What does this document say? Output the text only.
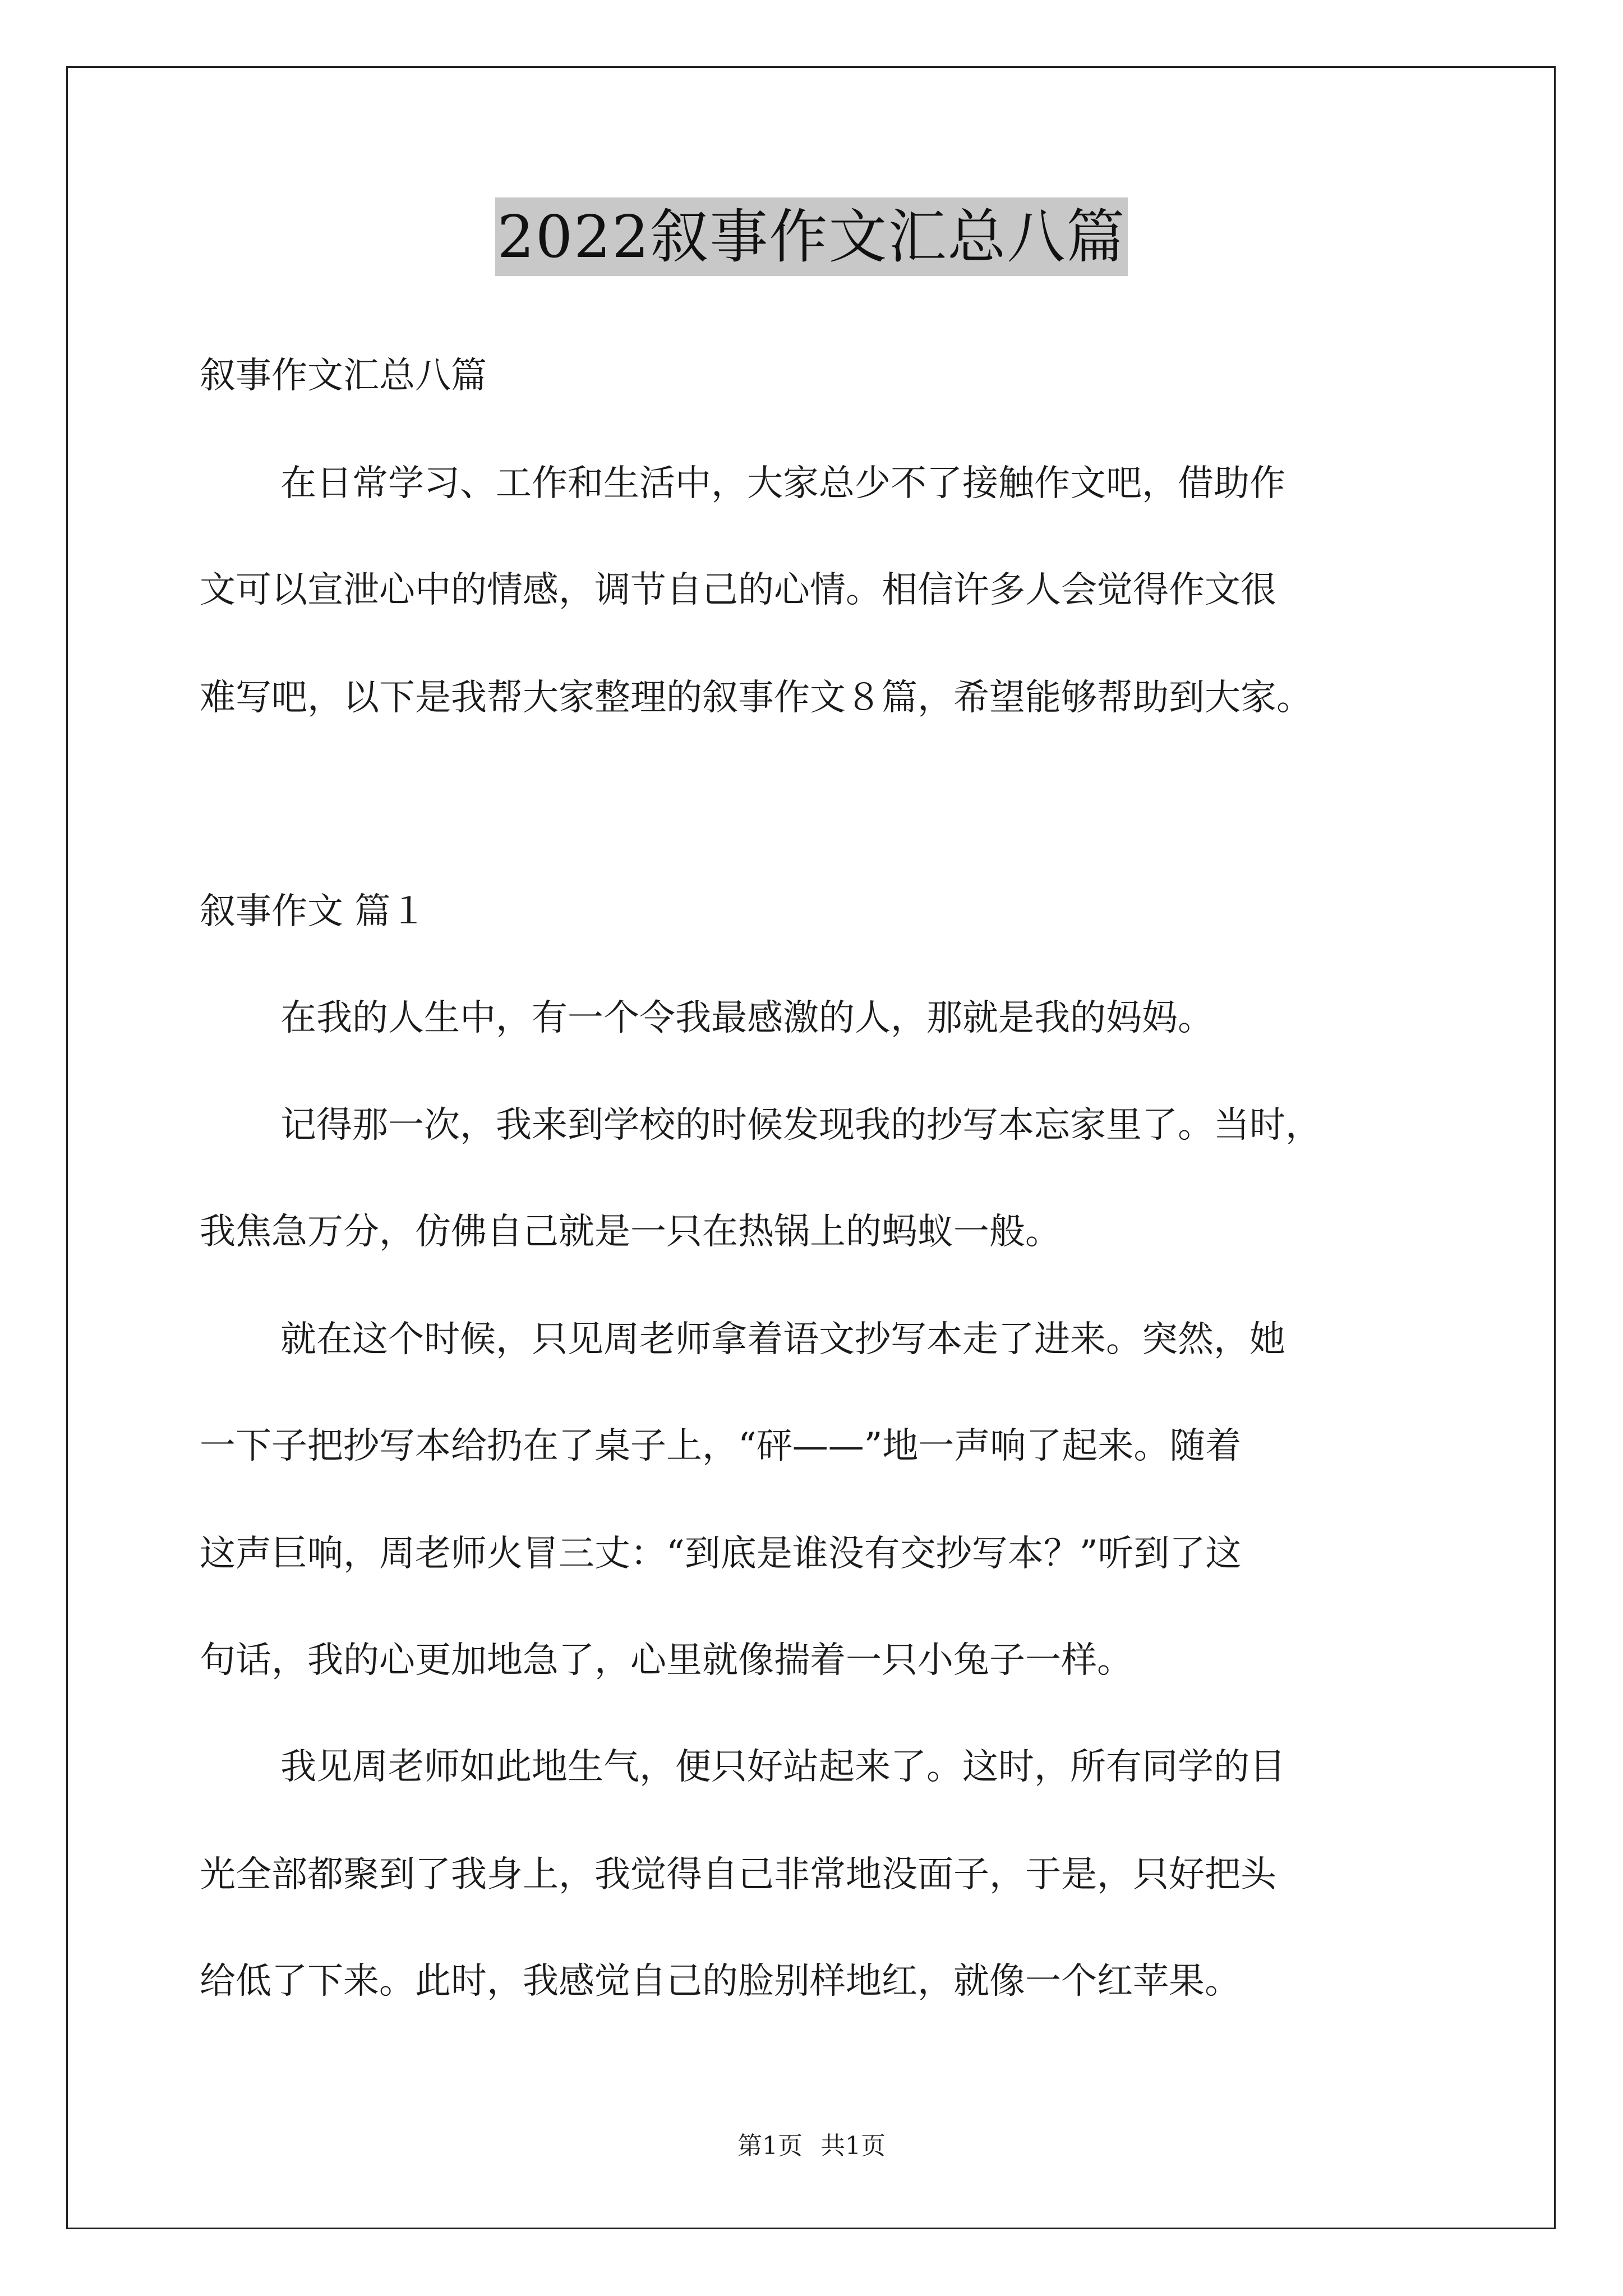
2022叙事作文汇总八篇
叙事作文汇总八篇
在日常学习、工作和生活中，大家总少不了接触作文吧，借助作
文可以宣泄心中的情感，调节自己的心情。相信许多人会觉得作文很
难写吧，以下是我帮大家整理的叙事作文８篇，希望能够帮助到大家。
叙事作文 篇１
在我的人生中，有一个令我最感激的人，那就是我的妈妈。
记得那一次，我来到学校的时候发现我的抄写本忘家里了。当时，
我焦急万分，仿佛自己就是一只在热锅上的蚂蚁一般。
就在这个时候，只见周老师拿着语文抄写本走了进来。突然，她
一下子把抄写本给扔在了桌子上，“砰——”地一声响了起来。随着
这声巨响，周老师火冒三丈：“到底是谁没有交抄写本？”听到了这
句话，我的心更加地急了，心里就像揣着一只小兔子一样。
我见周老师如此地生气，便只好站起来了。这时，所有同学的目
光全部都聚到了我身上，我觉得自己非常地没面子，于是，只好把头
给低了下来。此时，我感觉自己的脸别样地红，就像一个红苹果。
第1页 共1页
